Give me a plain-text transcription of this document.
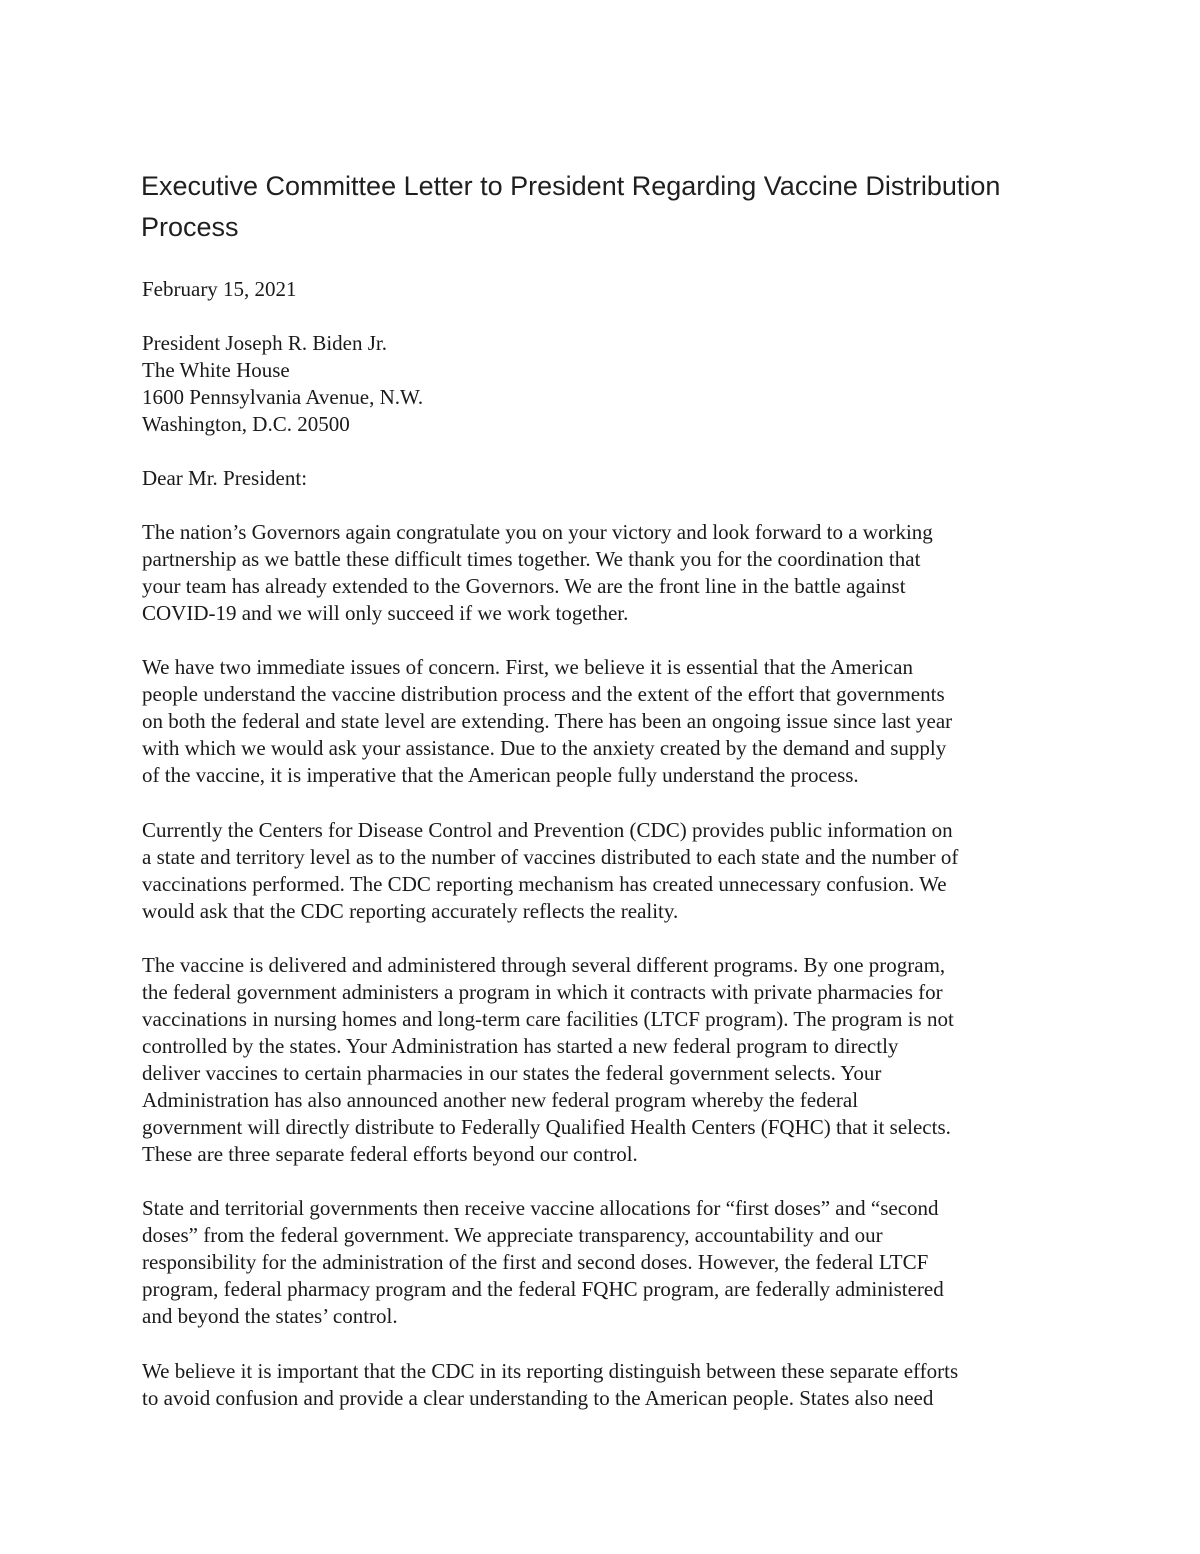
Executive Committee Letter to President Regarding Vaccine Distribution
Process

February 15, 2021

President Joseph R. Biden Jr.
The White House
1600 Pennsylvania Avenue, N.W.
Washington, D.C. 20500

Dear Mr. President:

The nation’s Governors again congratulate you on your victory and look forward to a working
partnership as we battle these difficult times together. We thank you for the coordination that
your team has already extended to the Governors. We are the front line in the battle against
COVID-19 and we will only succeed if we work together.

We have two immediate issues of concern. First, we believe it is essential that the American
people understand the vaccine distribution process and the extent of the effort that governments
on both the federal and state level are extending. There has been an ongoing issue since last year
with which we would ask your assistance. Due to the anxiety created by the demand and supply
of the vaccine, it is imperative that the American people fully understand the process.

Currently the Centers for Disease Control and Prevention (CDC) provides public information on
a state and territory level as to the number of vaccines distributed to each state and the number of
vaccinations performed. The CDC reporting mechanism has created unnecessary confusion. We
would ask that the CDC reporting accurately reflects the reality.

The vaccine is delivered and administered through several different programs. By one program,
the federal government administers a program in which it contracts with private pharmacies for
vaccinations in nursing homes and long-term care facilities (LTCF program). The program is not
controlled by the states. Your Administration has started a new federal program to directly
deliver vaccines to certain pharmacies in our states the federal government selects. Your
Administration has also announced another new federal program whereby the federal
government will directly distribute to Federally Qualified Health Centers (FQHC) that it selects.
These are three separate federal efforts beyond our control.

State and territorial governments then receive vaccine allocations for “first doses” and “second
doses” from the federal government. We appreciate transparency, accountability and our
responsibility for the administration of the first and second doses. However, the federal LTCF
program, federal pharmacy program and the federal FQHC program, are federally administered
and beyond the states’ control.

We believe it is important that the CDC in its reporting distinguish between these separate efforts
to avoid confusion and provide a clear understanding to the American people. States also need
